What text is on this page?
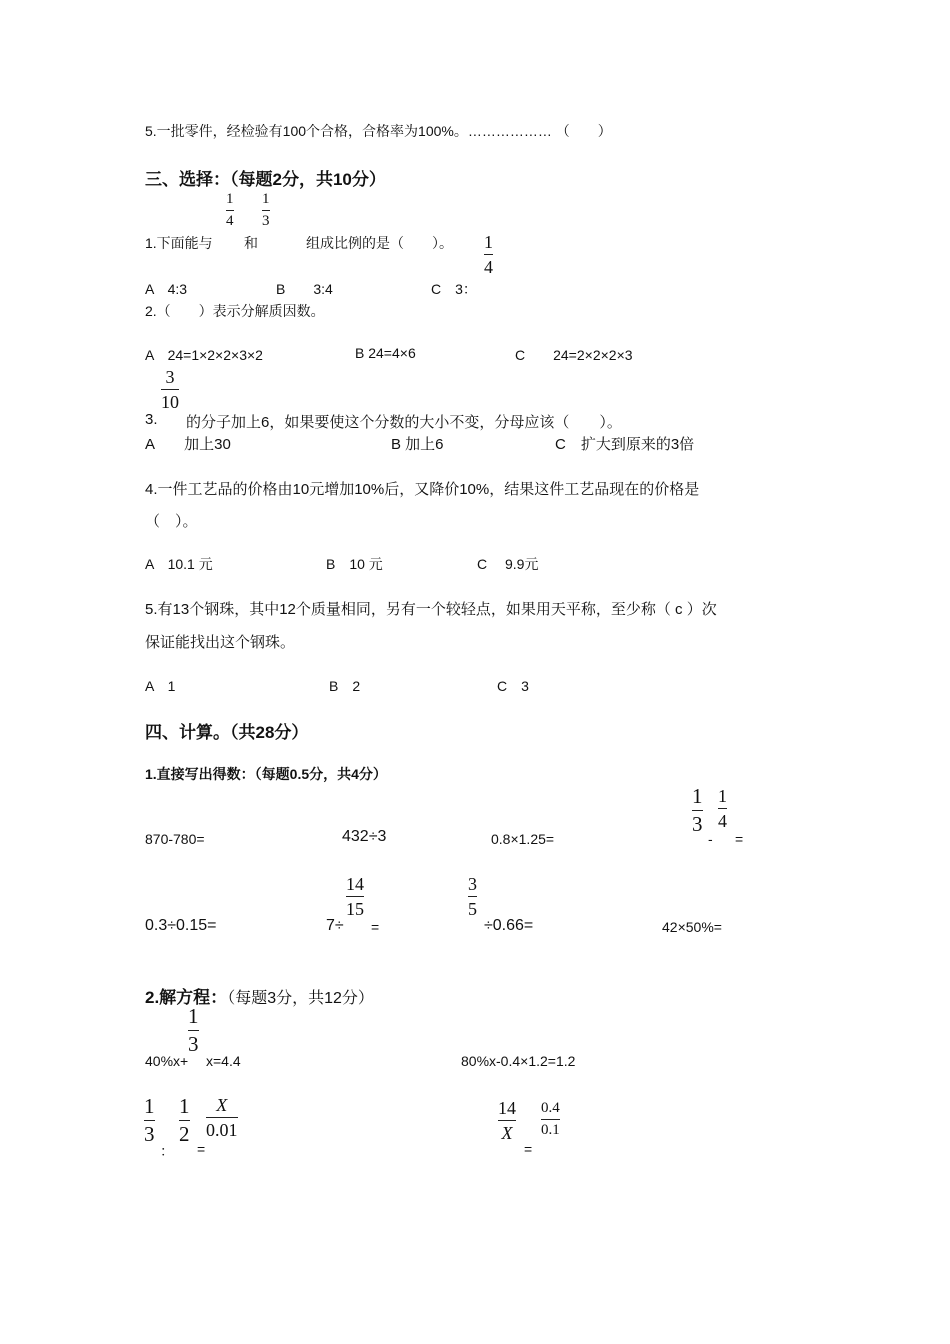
5.一批零件，经检验有100个合格，合格率为100%。……………… （　　）
三、选择：（每题2分，共10分）
1
4
1
3
1.下面能与 和	组成比例的是（　　）。 1
4
A　4:3	B　　3:4	C　3：
2.（　　）表示分解质因数。
A　24=1×2×2×3×2	B 24=4×6	C　　24=2×2×2×3
3
10
3. 的分子加上6，如果要使这个分数的大小不变，分母应该（　　）。
A　　加上30	B 加上6	C　扩大到原来的3倍
4.一件工艺品的价格由10元增加10%后，又降价10%，结果这件工艺品现在的价格是
（　）。
A　10.1 元	B　10 元	C　 9.9元
5.有13个钢珠，其中12个质量相同，另有一个较轻点，如果用天平称，至少称（ c ）次
保证能找出这个钢珠。
A　1	B　2	C　3
四、计算。（共28分）
1.直接写出得数：（每题0.5分，共4分）
870-780=	432÷3	0.8×1.25=
1
3
1
4
- =
0.3÷0.15=	7÷
14
15
=
3
5
÷0.66=	42×50%=
2.解方程：（每题3分，共12分）
40%x+
1
3
x=4.4	80%x-0.4×1.2=1.2
1
3
：
1
2
=
X
0.01
14
X
=
0.4
0.1
